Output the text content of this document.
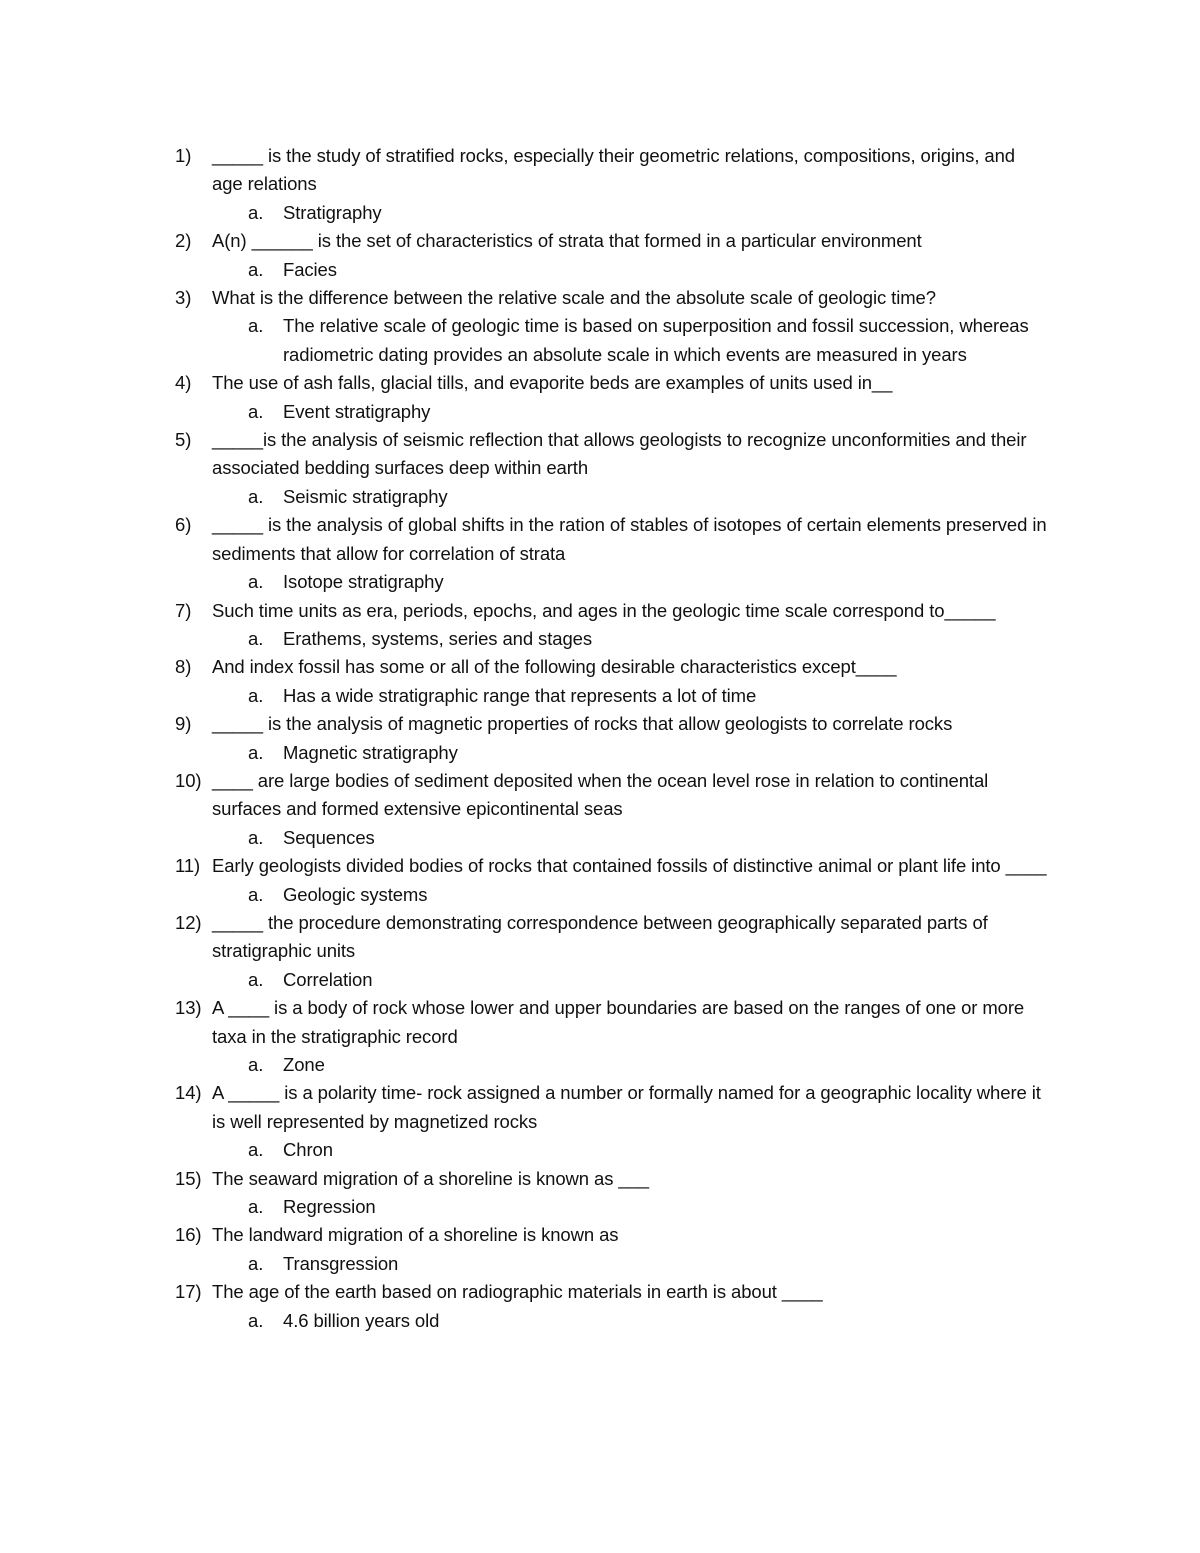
1) _____ is the study of stratified rocks, especially their geometric relations, compositions, origins, and age relations

a. Stratigraphy

2) A(n) ______ is the set of characteristics of strata that formed in a particular environment

a. Facies

3) What is the difference between the relative scale and the absolute scale of geologic time?

a. The relative scale of geologic time is based on superposition and fossil succession, whereas radiometric dating provides an absolute scale in which events are measured in years

4) The use of ash falls, glacial tills, and evaporite beds are examples of units used in__

a. Event stratigraphy

5) _____is the analysis of seismic reflection that allows geologists to recognize unconformities and their associated bedding surfaces deep within earth

a. Seismic stratigraphy

6) _____ is the analysis of global shifts in the ration of stables of isotopes of certain elements preserved in sediments that allow for correlation of strata

a. Isotope stratigraphy

7) Such time units as era, periods, epochs, and ages in the geologic time scale correspond to_____

a. Erathems, systems, series and stages

8) And index fossil has some or all of the following desirable characteristics except____

a. Has a wide stratigraphic range that represents a lot of time

9) _____ is the analysis of magnetic properties of rocks that allow geologists to correlate rocks

a. Magnetic stratigraphy

10) ____ are large bodies of sediment deposited when the ocean level rose in relation to continental surfaces and formed extensive epicontinental seas

a. Sequences

11) Early geologists divided bodies of rocks that contained fossils of distinctive animal or plant life into ____

a. Geologic systems

12) _____ the procedure demonstrating correspondence between geographically separated parts of stratigraphic units

a. Correlation

13) A ____ is a body of rock whose lower and upper boundaries are based on the ranges of one or more taxa in the stratigraphic record

a. Zone

14) A _____ is a polarity time- rock assigned a number or formally named for a geographic locality where it is well represented by magnetized rocks

a. Chron

15) The seaward migration of a shoreline is known as ___

a. Regression

16) The landward migration of a shoreline is known as

a. Transgression

17) The age of the earth based on radiographic materials in earth is about ____

a. 4.6 billion years old
